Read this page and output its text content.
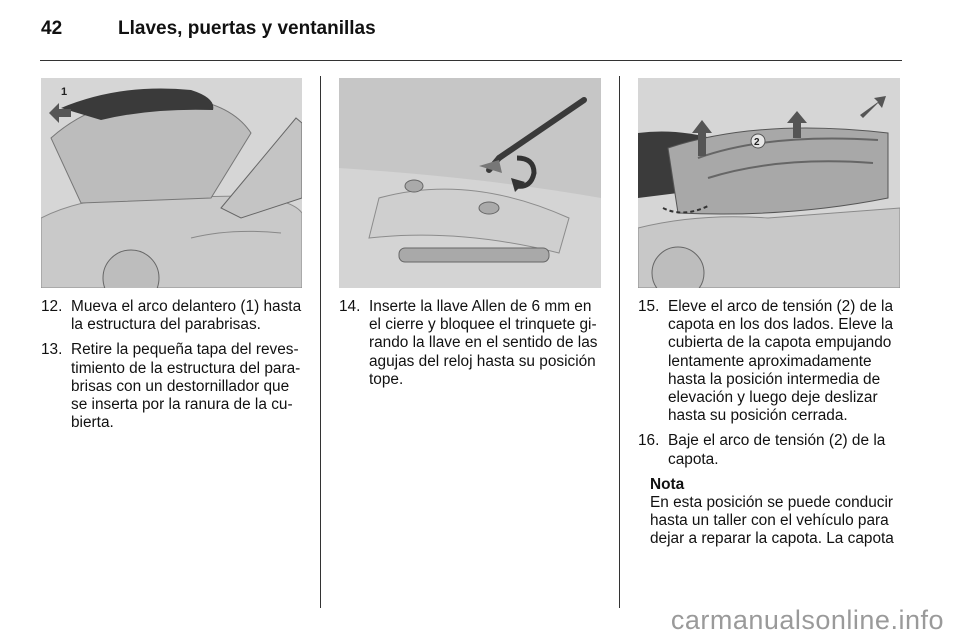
42	Llaves, puertas y ventanillas
1
2
12. Mueva el arco delantero (1) hasta
la estructura del parabrisas.
13. Retire la pequeña tapa del reves-
timiento de la estructura del para-
brisas con un destornillador que
se inserta por la ranura de la cu-
bierta.
14. Inserte la llave Allen de 6 mm en
el cierre y bloquee el trinquete gi-
rando la llave en el sentido de las
agujas del reloj hasta su posición
tope.
15. Eleve el arco de tensión (2) de la
capota en los dos lados. Eleve la
cubierta de la capota empujando
lentamente aproximadamente
hasta la posición intermedia de
elevación y luego deje deslizar
hasta su posición cerrada.
16. Baje el arco de tensión (2) de la
capota.
Nota
En esta posición se puede conducir
hasta un taller con el vehículo para
dejar a reparar la capota. La capota
carmanualsonline.info
